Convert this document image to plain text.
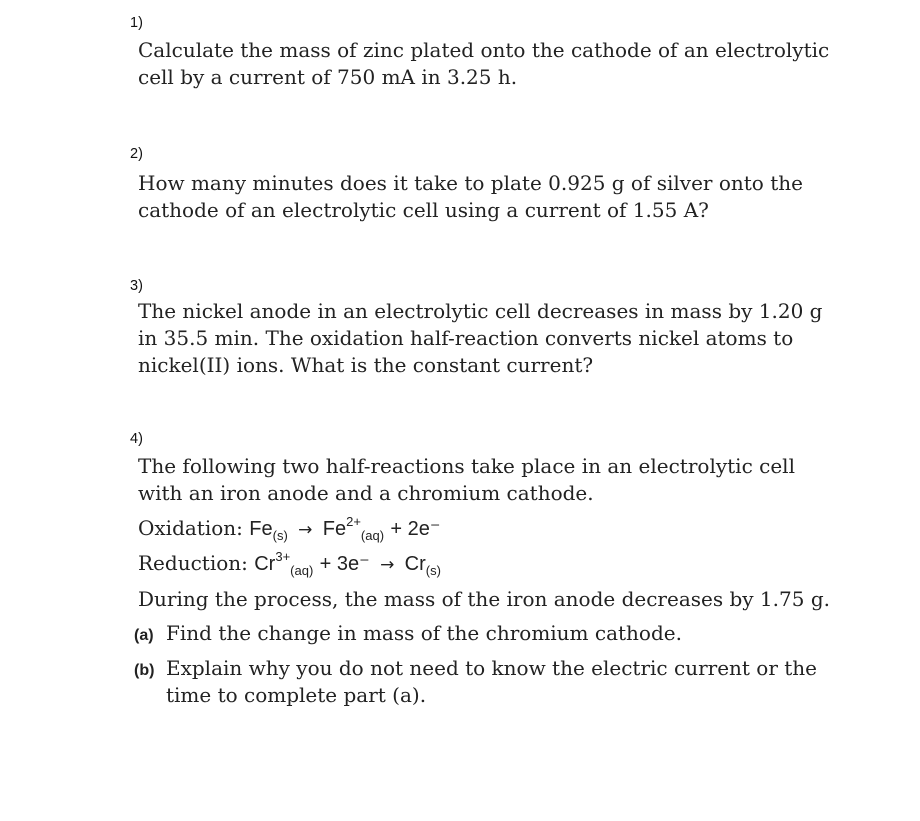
1)
Calculate the mass of zinc plated onto the cathode of an electrolytic
cell by a current of 750 mA in 3.25 h.
2)
How many minutes does it take to plate 0.925 g of silver onto the
cathode of an electrolytic cell using a current of 1.55 A?
3)
The nickel anode in an electrolytic cell decreases in mass by 1.20 g
in 35.5 min. The oxidation half-reaction converts nickel atoms to
nickel(II) ions. What is the constant current?
4)
The following two half-reactions take place in an electrolytic cell
with an iron anode and a chromium cathode.
Oxidation: $Fe_{(s)} \to Fe^{2+}_{(aq)} + 2e^-$
Reduction: $Cr^{3+}_{(aq)} + 3e^- \to Cr_{(s)}$
During the process, the mass of the iron anode decreases by 1.75 g.
(a) Find the change in mass of the chromium cathode.
(b) Explain why you do not need to know the electric current or the
time to complete part (a).
